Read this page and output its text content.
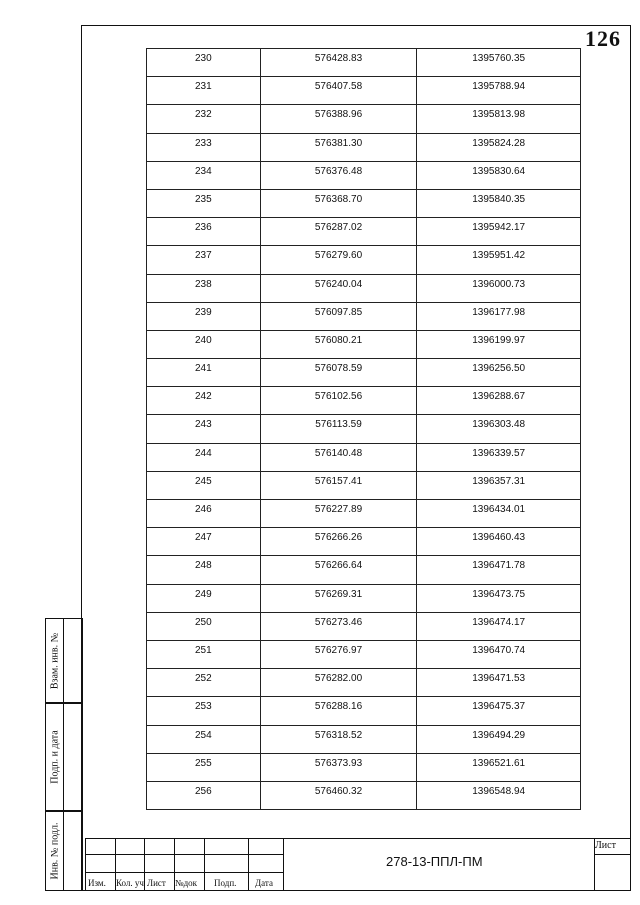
126
230	576428.83	1395760.35
231	576407.58	1395788.94
232	576388.96	1395813.98
233	576381.30	1395824.28
234	576376.48	1395830.64
235	576368.70	1395840.35
236	576287.02	1395942.17
237	576279.60	1395951.42
238	576240.04	1396000.73
239	576097.85	1396177.98
240	576080.21	1396199.97
241	576078.59	1396256.50
242	576102.56	1396288.67
243	576113.59	1396303.48
244	576140.48	1396339.57
245	576157.41	1396357.31
246	576227.89	1396434.01
247	576266.26	1396460.43
248	576266.64	1396471.78
249	576269.31	1396473.75
250	576273.46	1396474.17
251	576276.97	1396470.74
252	576282.00	1396471.53
253	576288.16	1396475.37
254	576318.52	1396494.29
255	576373.93	1396521.61
256	576460.32	1396548.94
Взам. инв. №
Подп. и дата
Инв. № подл.
Изм. Кол. уч Лист №док Подп. Дата
278-13-ППЛ-ПМ
Лист
